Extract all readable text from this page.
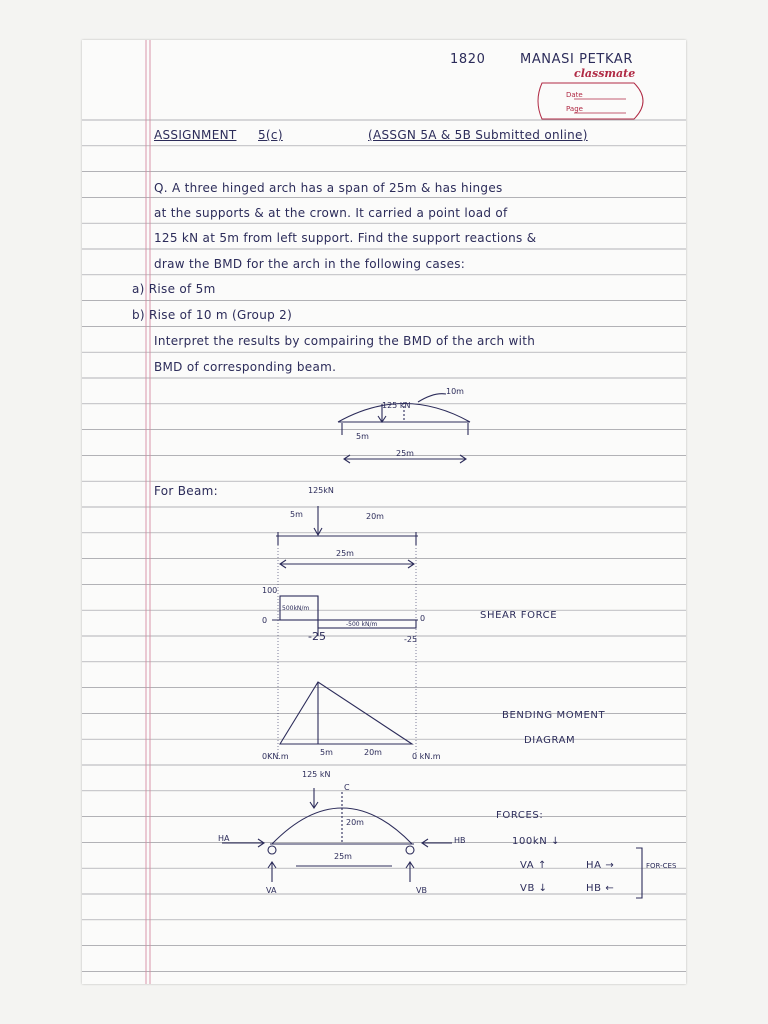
1820	MANASI PETKAR
classmate
Date
Page
ASSIGNMENT 5(c)	(ASSGN 5A & 5B Submitted online)
Q. A three hinged arch has a span of 25m & has hinges
at the supports & at the crown. It carried a point load of
125 kN at 5m from left support. Find the support reactions &
draw the BMD for the arch in the following cases:
a) Rise of 5m
b) Rise of 10 m (Group 2)
Interpret the results by compairing the BMD of the arch with
BMD of corresponding beam.
125 kN
10m
5m
25m
For Beam:	125kN
5m	20m
25m
100
0	0
500kN/m
-500 kN/m
-25	-25
SHEAR FORCE
0KN.m	5m	20m	0 kN.m
BENDING MOMENT
DIAGRAM
125 kN
C
20m
25m
HA	HB
VA	VB
FORCES:
100kN ↓
VA ↑	HA →
VB ↓	HB ←
FOR-CES
